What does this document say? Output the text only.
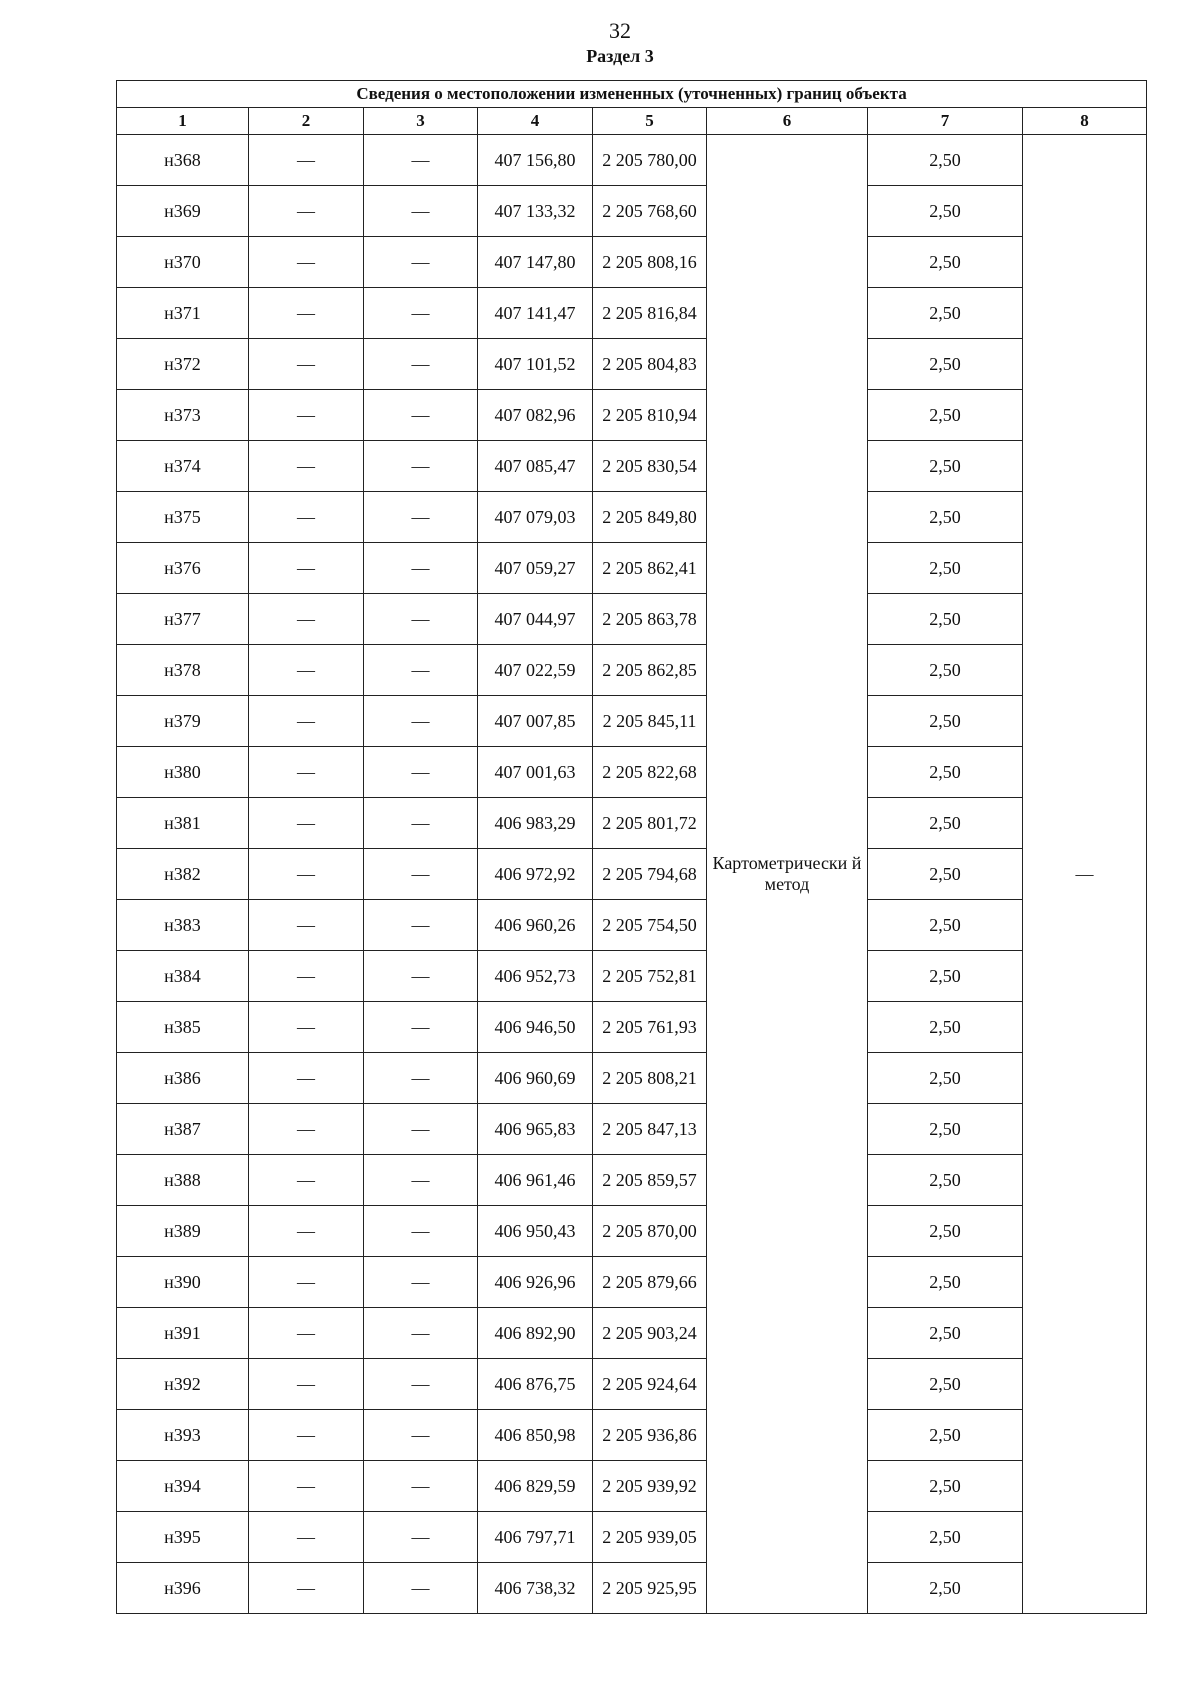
32
Раздел 3
Сведения о местоположении измененных (уточненных) границ объекта							
1	2	3	4	5	6	7	8
н368	—	—	407 156,80	2 205 780,00	Картометрически й метод	2,50	—
н369	—	—	407 133,32	2 205 768,60		2,50	
н370	—	—	407 147,80	2 205 808,16		2,50	
н371	—	—	407 141,47	2 205 816,84		2,50	
н372	—	—	407 101,52	2 205 804,83		2,50	
н373	—	—	407 082,96	2 205 810,94		2,50	
н374	—	—	407 085,47	2 205 830,54		2,50	
н375	—	—	407 079,03	2 205 849,80		2,50	
н376	—	—	407 059,27	2 205 862,41		2,50	
н377	—	—	407 044,97	2 205 863,78		2,50	
н378	—	—	407 022,59	2 205 862,85		2,50	
н379	—	—	407 007,85	2 205 845,11		2,50	
н380	—	—	407 001,63	2 205 822,68		2,50	
н381	—	—	406 983,29	2 205 801,72		2,50	
н382	—	—	406 972,92	2 205 794,68		2,50	
н383	—	—	406 960,26	2 205 754,50		2,50	
н384	—	—	406 952,73	2 205 752,81		2,50	
н385	—	—	406 946,50	2 205 761,93		2,50	
н386	—	—	406 960,69	2 205 808,21		2,50	
н387	—	—	406 965,83	2 205 847,13		2,50	
н388	—	—	406 961,46	2 205 859,57		2,50	
н389	—	—	406 950,43	2 205 870,00		2,50	
н390	—	—	406 926,96	2 205 879,66		2,50	
н391	—	—	406 892,90	2 205 903,24		2,50	
н392	—	—	406 876,75	2 205 924,64		2,50	
н393	—	—	406 850,98	2 205 936,86		2,50	
н394	—	—	406 829,59	2 205 939,92		2,50	
н395	—	—	406 797,71	2 205 939,05		2,50	
н396	—	—	406 738,32	2 205 925,95		2,50	
